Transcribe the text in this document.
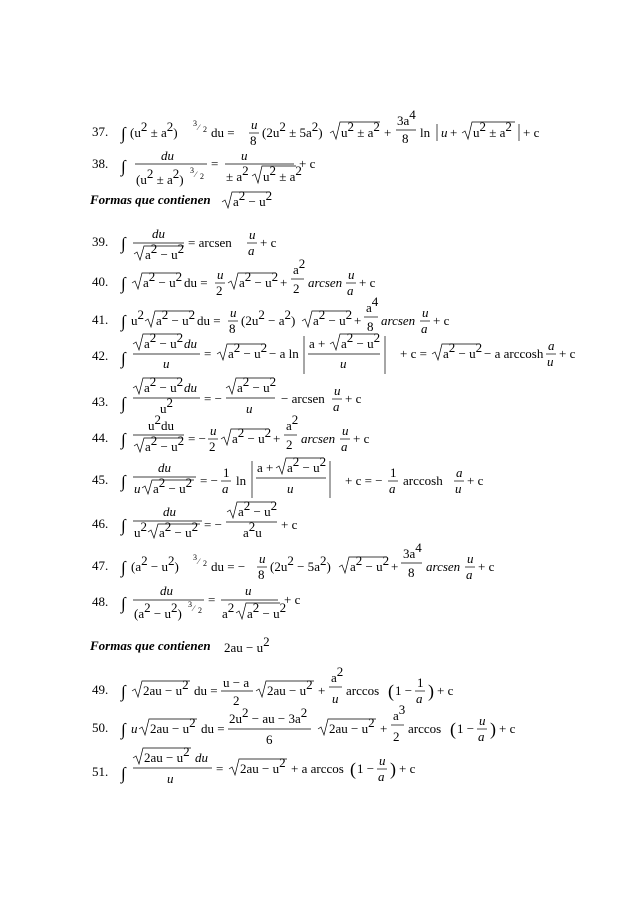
37. ∫ (u2 ± a2)
3 ⁄ 2 du =
u
8
(2u2 ± 5a2) u2 ± a2 +
3a4
8 ln u + u2 ± a2 + c
38. ∫
du
(u2 ± a2)
3 ⁄ 2
=
u
± a2 u2 ± a2
+ c
Formas que contienen a2 − u2
39. ∫
du
a2 − u2 = arcsen
u
a
+ c
40. ∫ a2 − u2 du =
u
2
a2 − u2 +
a2
2 arcsen
u
a
+ c
41. ∫ u2 a2 − u2 du =
u
8
(2u2 − a2) a2 − u2 +
a4
8 arcsen
u
a
+ c
42. ∫
a2 − u2 du
u
= a2 − u2 − a ln
a + a2 − u2
u
+ c = a2 − u2 − a arccosh
a
u
+ c
43. ∫
a2 − u2 du
u2 = −
a2 − u2
u
− arcsen
u
a
+ c
44. ∫
u2du
a2 − u2 = −
u
2
a2 − u2 +
a2
2 arcsen
u
a
+ c
45. ∫
du
u a2 − u2 = −
1
a
ln
a + a2 − u2
u
+ c = −
1
a
arccosh
a
u
+ c
46. ∫
du
u2 a2 − u2 = −
a2 − u2
a2u
+ c
47. ∫ (a2 − u2)
3 ⁄ 2 du = −
u
8
(2u2 − 5a2) a2 − u2 +
3a4
8 arcsen
u
a
+ c
48. ∫
du
(a2 − u2)
3 ⁄ 2
=
u
a2 a2 − u2
+ c
Formas que contienen 2au − u2
49. ∫ 2au − u2 du =
u − a
2
2au − u2 +
a2
u
arccos ( 1 −
1
a ) + c
50. ∫ u 2au − u2 du =
2u2 − au − 3a2
6
2au − u2 +
a3
2
arccos ( 1 −
u
a ) + c
51. ∫
2au − u2 du
u
= 2au − u2 + a arccos ( 1 −
u
a ) + c
